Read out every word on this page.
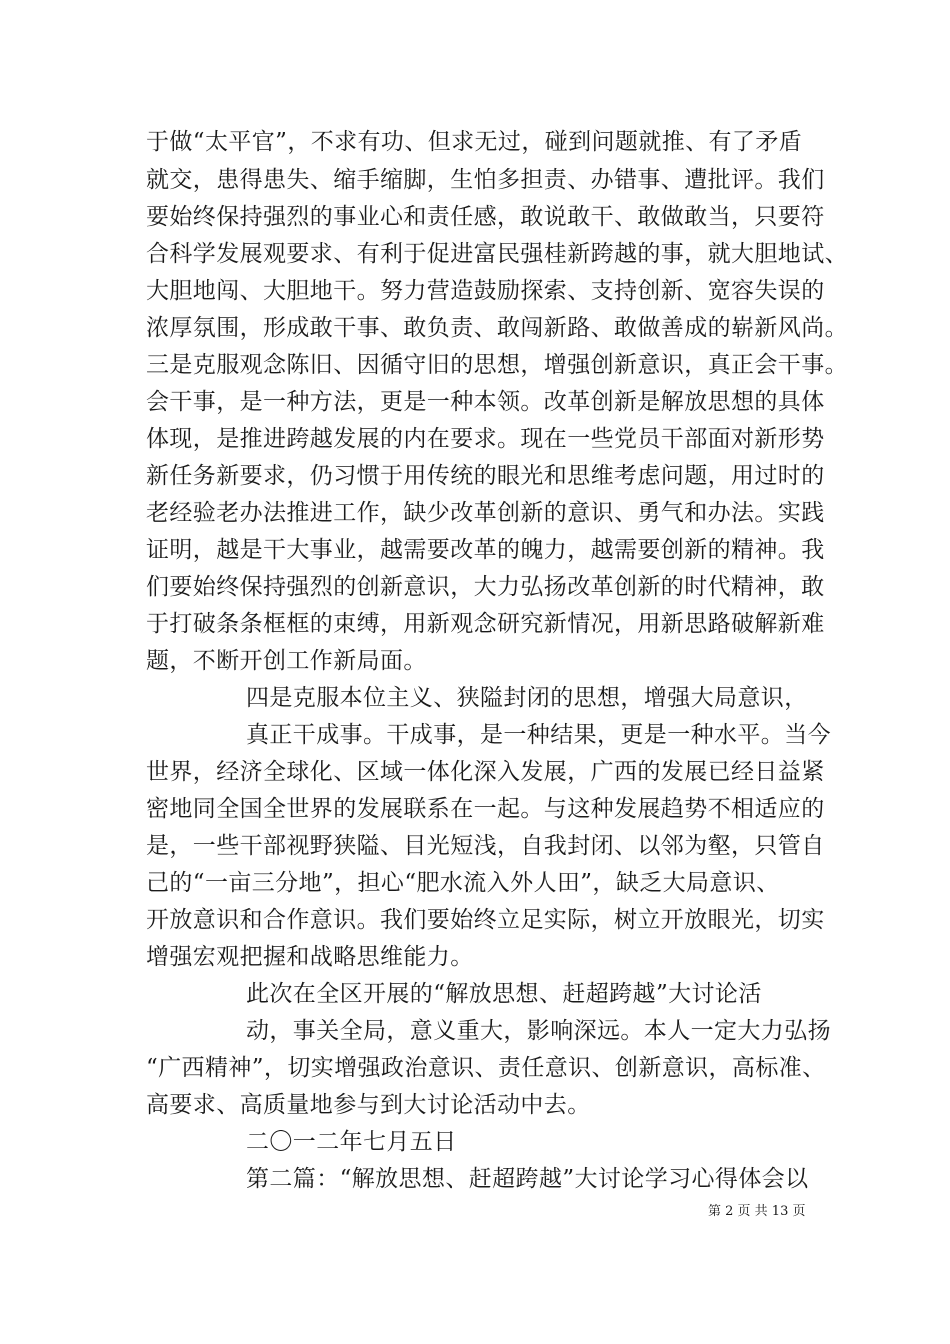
于做“太平官”，不求有功、但求无过，碰到问题就推、有了矛盾

就交，患得患失、缩手缩脚，生怕多担责、办错事、遭批评。我们

要始终保持强烈的事业心和责任感，敢说敢干、敢做敢当，只要符

合科学发展观要求、有利于促进富民强桂新跨越的事，就大胆地试、

大胆地闯、大胆地干。努力营造鼓励探索、支持创新、宽容失误的

浓厚氛围，形成敢干事、敢负责、敢闯新路、敢做善成的崭新风尚。

三是克服观念陈旧、因循守旧的思想，增强创新意识，真正会干事。

会干事，是一种方法，更是一种本领。改革创新是解放思想的具体

体现，是推进跨越发展的内在要求。现在一些党员干部面对新形势

新任务新要求，仍习惯于用传统的眼光和思维考虑问题，用过时的

老经验老办法推进工作，缺少改革创新的意识、勇气和办法。实践

证明，越是干大事业，越需要改革的魄力，越需要创新的精神。我

们要始终保持强烈的创新意识，大力弘扬改革创新的时代精神，敢

于打破条条框框的束缚，用新观念研究新情况，用新思路破解新难

题，不断开创工作新局面。

四是克服本位主义、狭隘封闭的思想，增强大局意识，

真正干成事。干成事，是一种结果，更是一种水平。当今

世界，经济全球化、区域一体化深入发展，广西的发展已经日益紧

密地同全国全世界的发展联系在一起。与这种发展趋势不相适应的

是，一些干部视野狭隘、目光短浅，自我封闭、以邻为壑，只管自

己的“一亩三分地”，担心“肥水流入外人田”，缺乏大局意识、

开放意识和合作意识。我们要始终立足实际，树立开放眼光，切实

增强宏观把握和战略思维能力。

此次在全区开展的“解放思想、赶超跨越”大讨论活

动，事关全局，意义重大，影响深远。本人一定大力弘扬

“广西精神”，切实增强政治意识、责任意识、创新意识，高标准、

高要求、高质量地参与到大讨论活动中去。

二〇一二年七月五日

第二篇：“解放思想、赶超跨越”大讨论学习心得体会以

第 2 页 共 13 页
